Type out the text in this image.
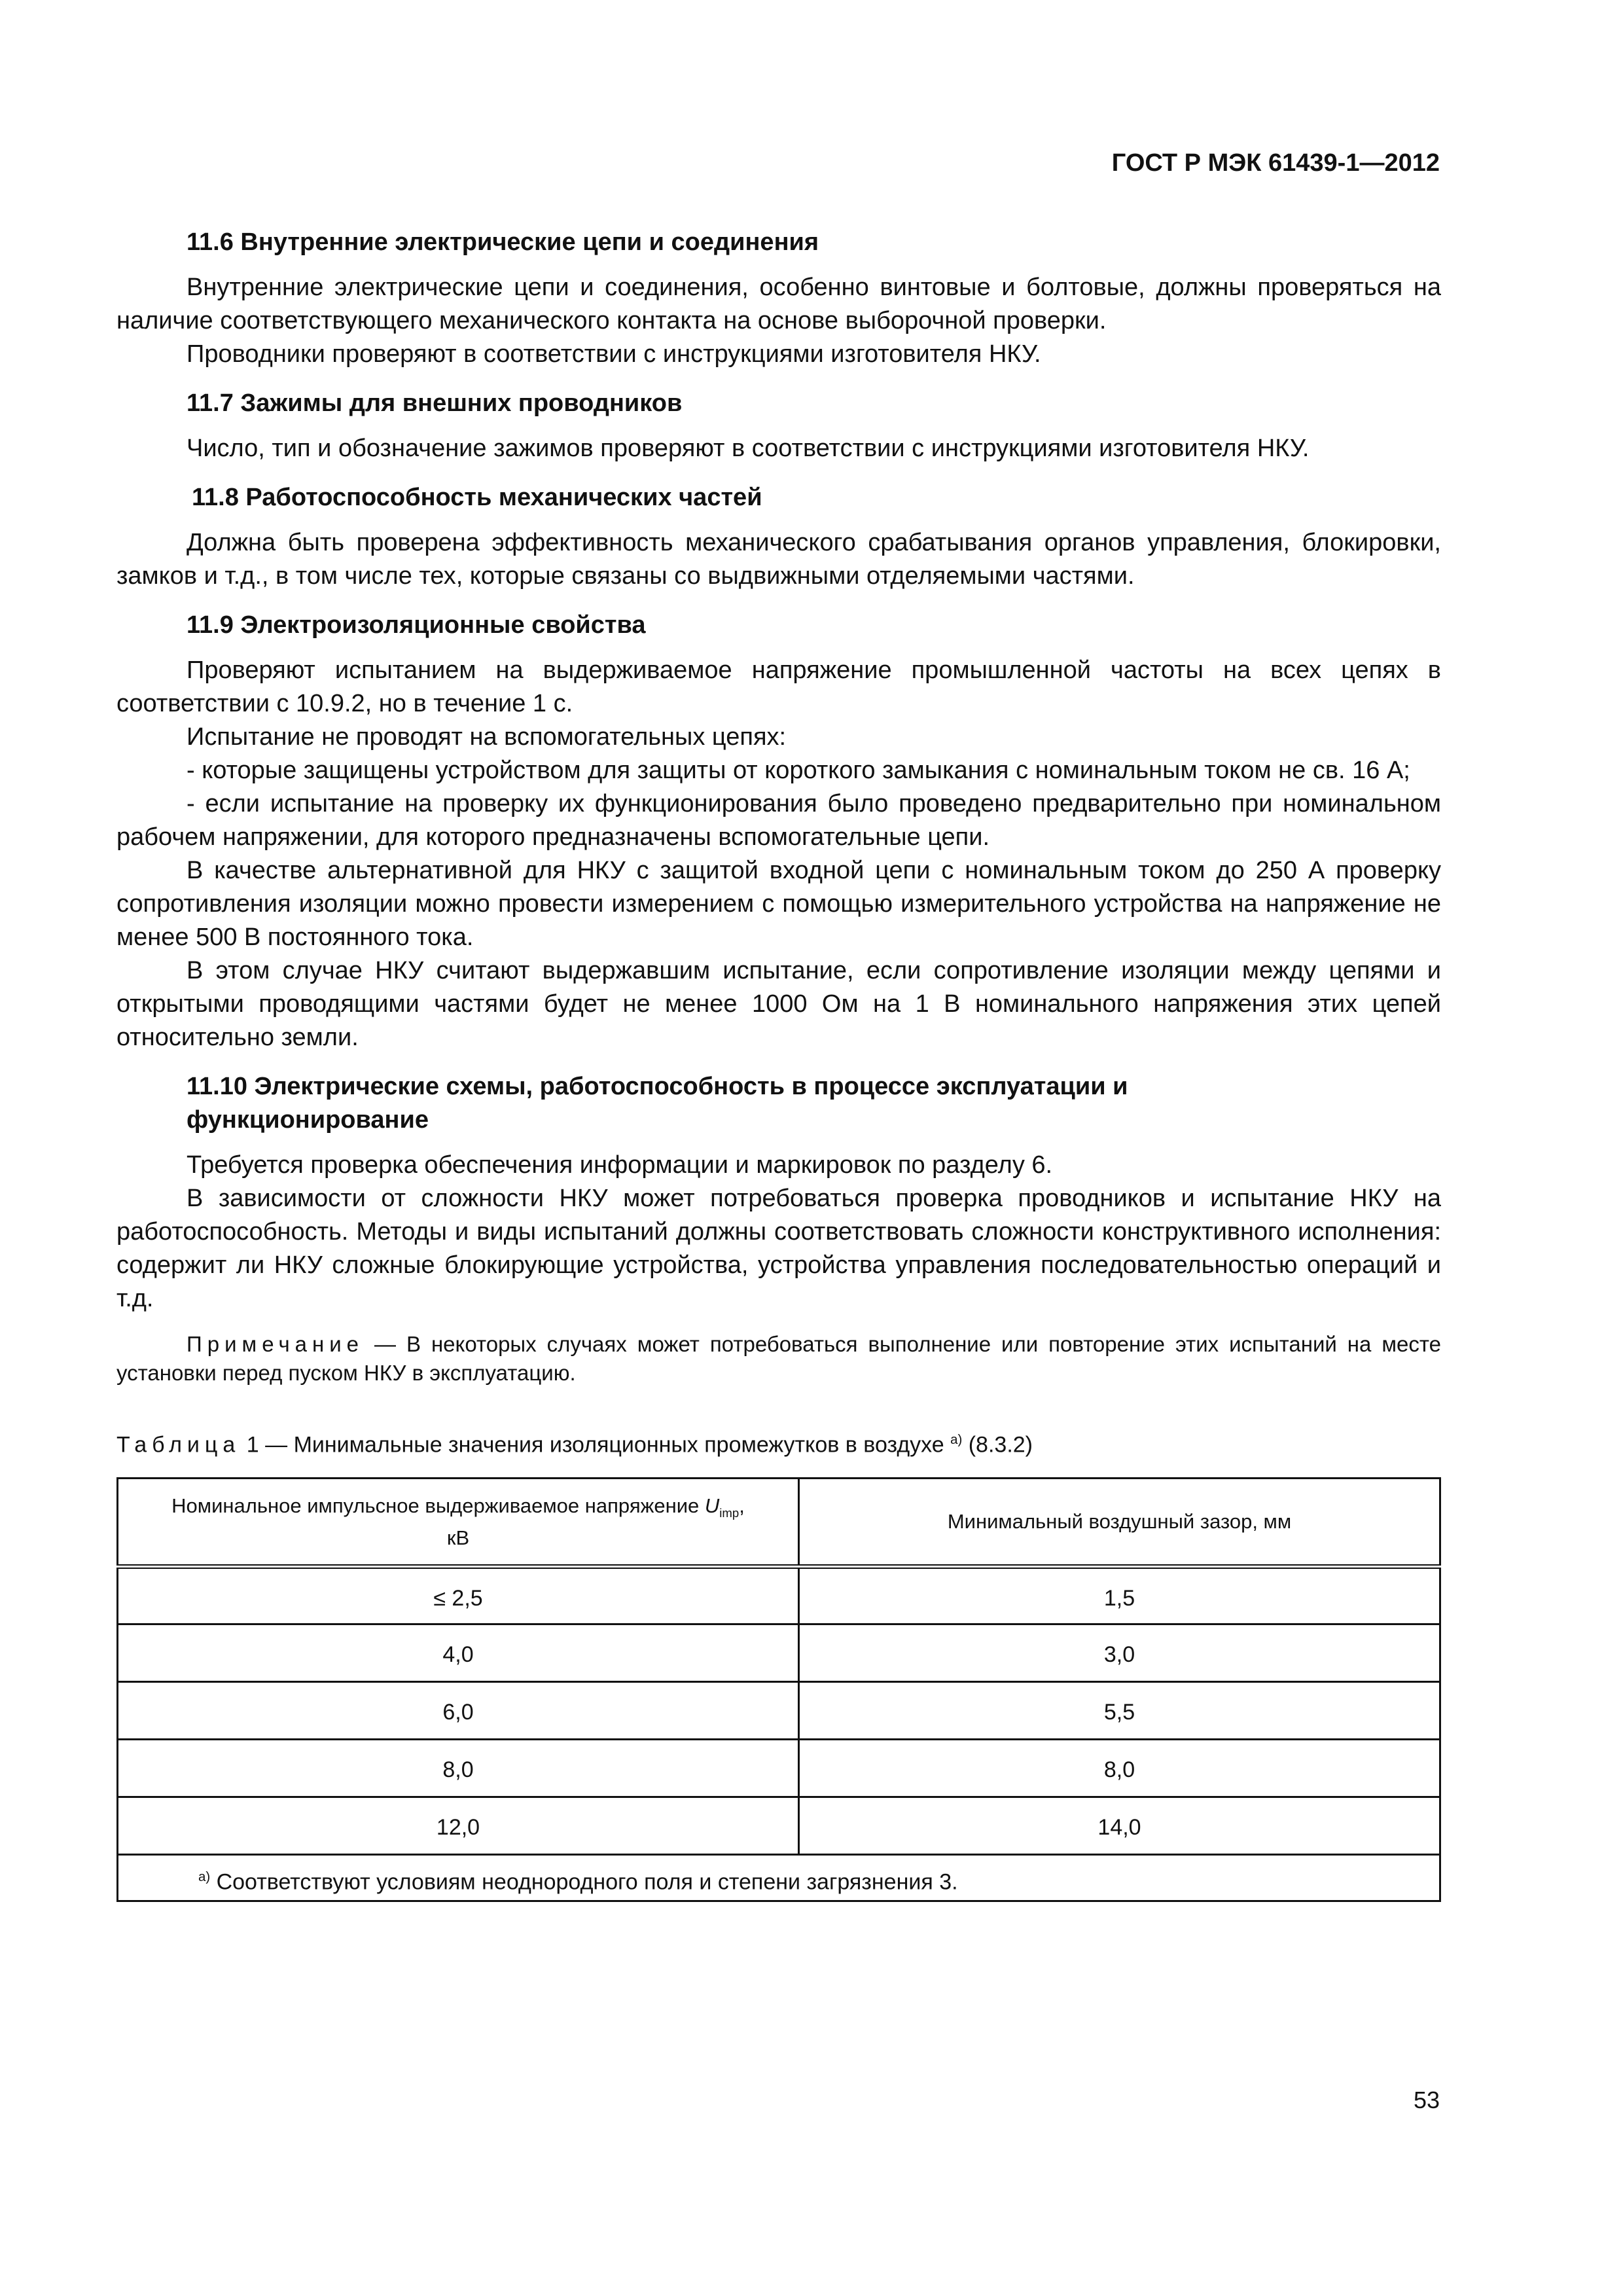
ГОСТ Р МЭК 61439-1—2012

11.6 Внутренние электрические цепи и соединения

Внутренние электрические цепи и соединения, особенно винтовые и болтовые, должны проверяться на наличие соответствующего механического контакта на основе выборочной проверки.

Проводники проверяют в соответствии с инструкциями изготовителя НКУ.

11.7 Зажимы для внешних проводников

Число, тип и обозначение зажимов проверяют в соответствии с инструкциями изготовителя НКУ.

11.8 Работоспособность механических частей

Должна быть проверена эффективность механического срабатывания органов управления, блокировки, замков и т.д., в том числе тех, которые связаны со выдвижными отделяемыми частями.

11.9 Электроизоляционные свойства

Проверяют испытанием на выдерживаемое напряжение промышленной частоты на всех цепях в соответствии с 10.9.2, но в течение 1 с.

Испытание не проводят на вспомогательных цепях:

- которые защищены устройством для защиты от короткого замыкания с номинальным током не св. 16 А;

- если испытание на проверку их функционирования было проведено предварительно при номинальном рабочем напряжении, для которого предназначены вспомогательные цепи.

В качестве альтернативной для НКУ с защитой входной цепи с номинальным током до 250 А проверку сопротивления изоляции можно провести измерением с помощью измерительного устройства на напряжение не менее 500 В постоянного тока.

В этом случае НКУ считают выдержавшим испытание, если сопротивление изоляции между цепями и открытыми проводящими частями будет не менее 1000 Ом на 1 В номинального напряжения этих цепей относительно земли.

11.10 Электрические схемы, работоспособность в процессе эксплуатации и
функционирование

Требуется проверка обеспечения информации и маркировок по разделу 6.

В зависимости от сложности НКУ может потребоваться проверка проводников и испытание НКУ на работоспособность. Методы и виды испытаний должны соответствовать сложности конструктивного исполнения: содержит ли НКУ сложные блокирующие устройства, устройства управления последовательностью операций и т.д.

Примечание — В некоторых случаях может потребоваться выполнение или повторение этих испытаний на месте установки перед пуском НКУ в эксплуатацию.

Таблица 1 — Минимальные значения изоляционных промежутков в воздухе $^{а)}$ (8.3.2)
Номинальное импульсное выдерживаемое напряжение $U_{imp}$,
кВ	Минимальный воздушный зазор, мм
≤ 2,5	1,5
4,0	3,0
6,0	5,5
8,0	8,0
12,0	14,0
$^{а)}$ Соответствуют условиям неоднородного поля и степени загрязнения 3.	
53
